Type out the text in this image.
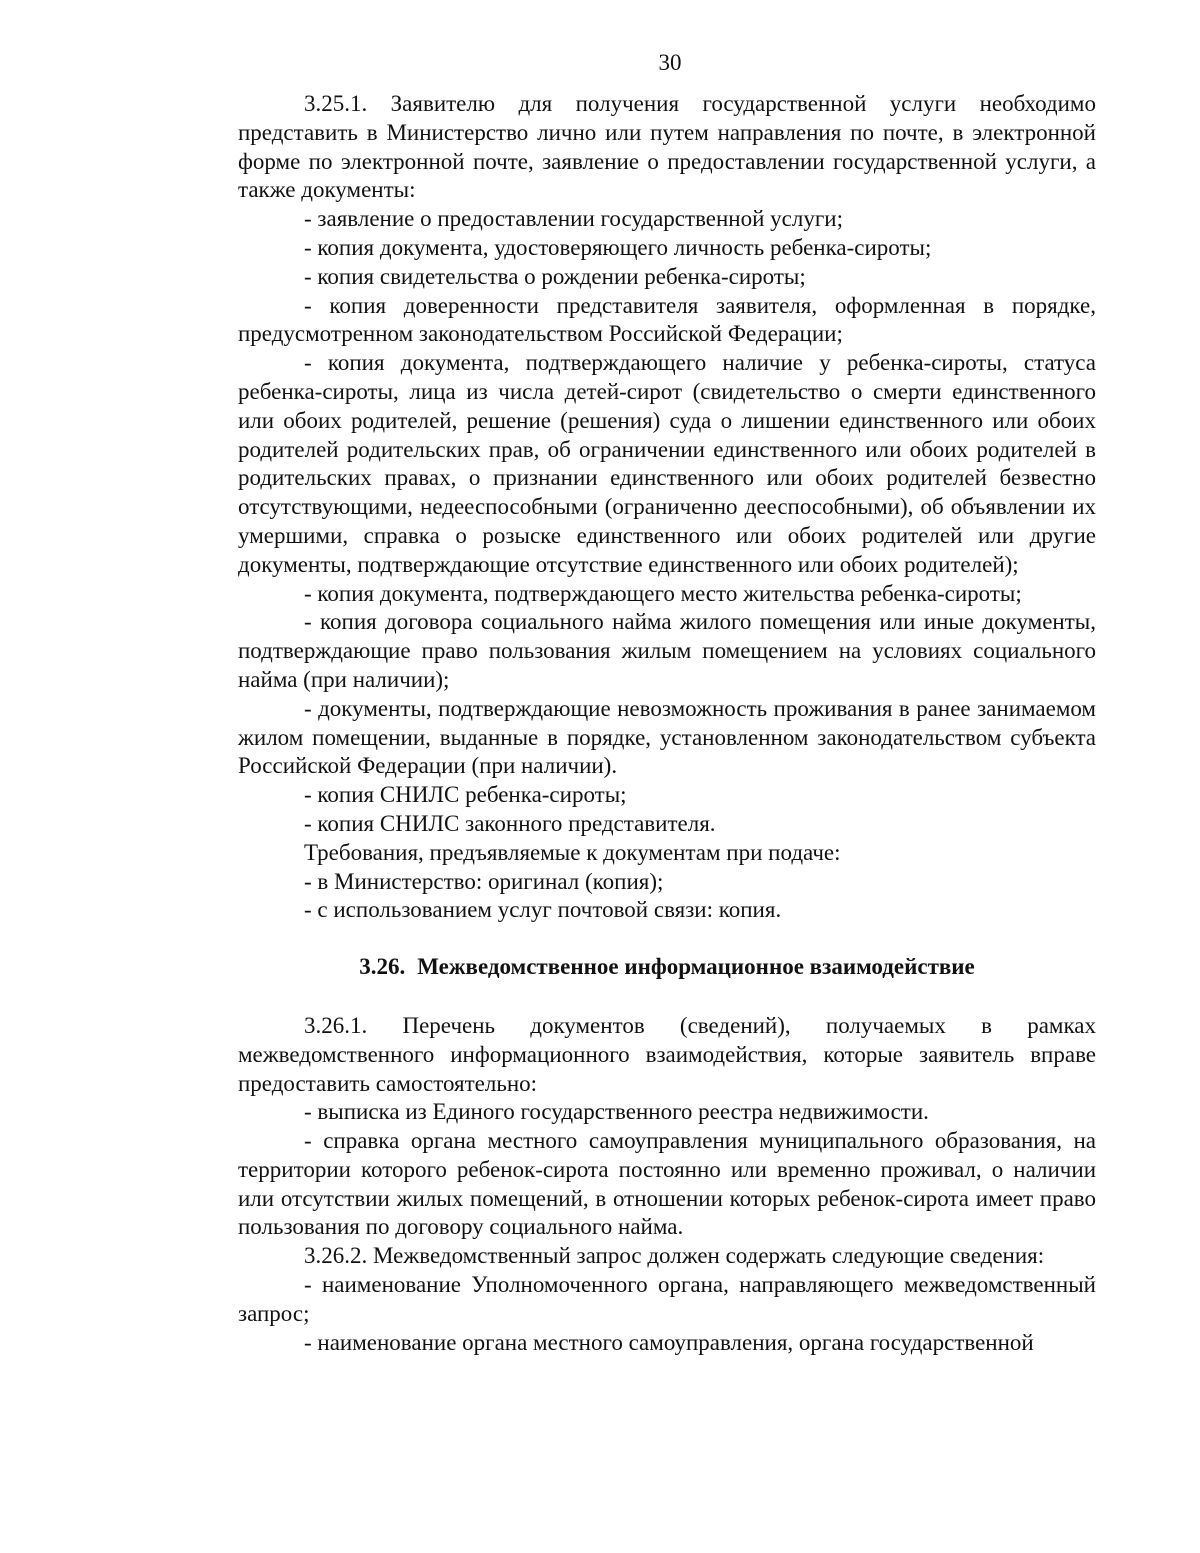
30

3.25.1. Заявителю для получения государственной услуги необходимо представить в Министерство лично или путем направления по почте, в электронной форме по электронной почте, заявление о предоставлении государственной услуги, а также документы:

- заявление о предоставлении государственной услуги;

- копия документа, удостоверяющего личность ребенка-сироты;

- копия свидетельства о рождении ребенка-сироты;

- копия доверенности представителя заявителя, оформленная в порядке, предусмотренном законодательством Российской Федерации;

- копия документа, подтверждающего наличие у ребенка-сироты, статуса ребенка-сироты, лица из числа детей-сирот (свидетельство о смерти единственного или обоих родителей, решение (решения) суда о лишении единственного или обоих родителей родительских прав, об ограничении единственного или обоих родителей в родительских правах, о признании единственного или обоих родителей безвестно отсутствующими, недееспособными (ограниченно дееспособными), об объявлении их умершими, справка о розыске единственного или обоих родителей или другие документы, подтверждающие отсутствие единственного или обоих родителей);

- копия документа, подтверждающего место жительства ребенка-сироты;

- копия договора социального найма жилого помещения или иные документы, подтверждающие право пользования жилым помещением на условиях социального найма (при наличии);

- документы, подтверждающие невозможность проживания в ранее занимаемом жилом помещении, выданные в порядке, установленном законодательством субъекта Российской Федерации (при наличии).

- копия СНИЛС ребенка-сироты;

- копия СНИЛС законного представителя.

Требования, предъявляемые к документам при подаче:

- в Министерство: оригинал (копия);

- с использованием услуг почтовой связи: копия.

3.26. Межведомственное информационное взаимодействие

3.26.1. Перечень документов (сведений), получаемых в рамках межведомственного информационного взаимодействия, которые заявитель вправе предоставить самостоятельно:

- выписка из Единого государственного реестра недвижимости.

- справка органа местного самоуправления муниципального образования, на территории которого ребенок-сирота постоянно или временно проживал, о наличии или отсутствии жилых помещений, в отношении которых ребенок-сирота имеет право пользования по договору социального найма.

3.26.2. Межведомственный запрос должен содержать следующие сведения:

- наименование Уполномоченного органа, направляющего межведомственный запрос;

- наименование органа местного самоуправления, органа государственной
